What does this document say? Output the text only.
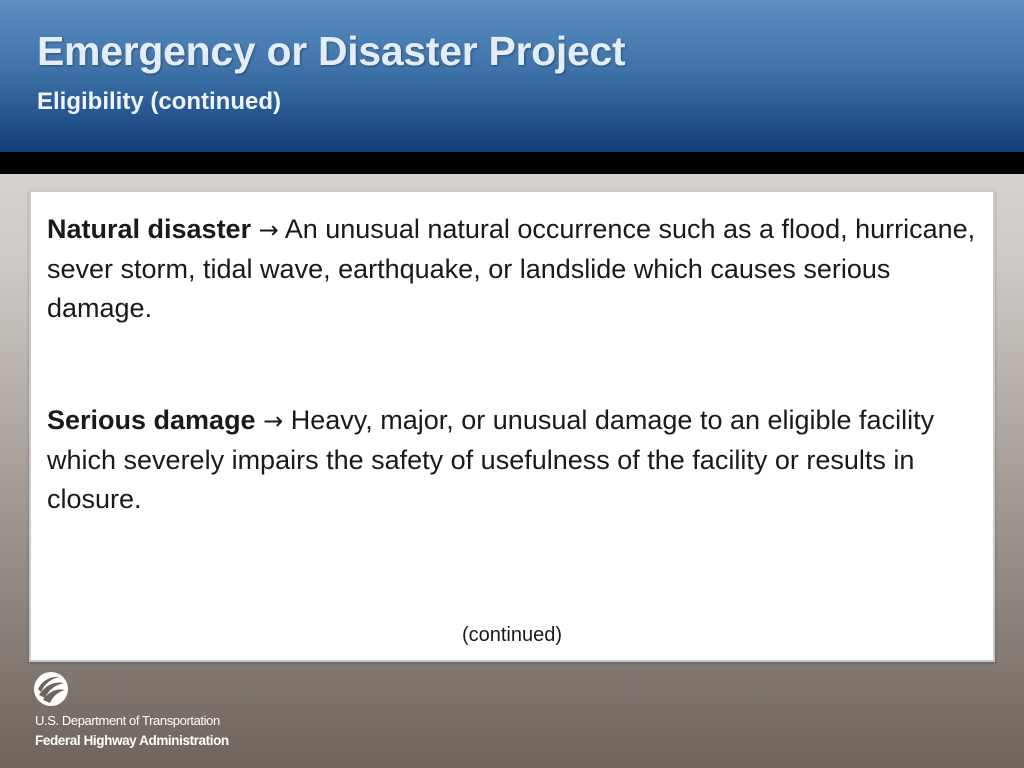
Emergency or Disaster Project
Eligibility (continued)

Natural disaster → An unusual natural occurrence such as a flood, hurricane, sever storm, tidal wave, earthquake, or landslide which causes serious damage.

Serious damage → Heavy, major, or unusual damage to an eligible facility which severely impairs the safety of usefulness of the facility or results in closure.

(continued)

U.S. Department of Transportation

Federal Highway Administration
